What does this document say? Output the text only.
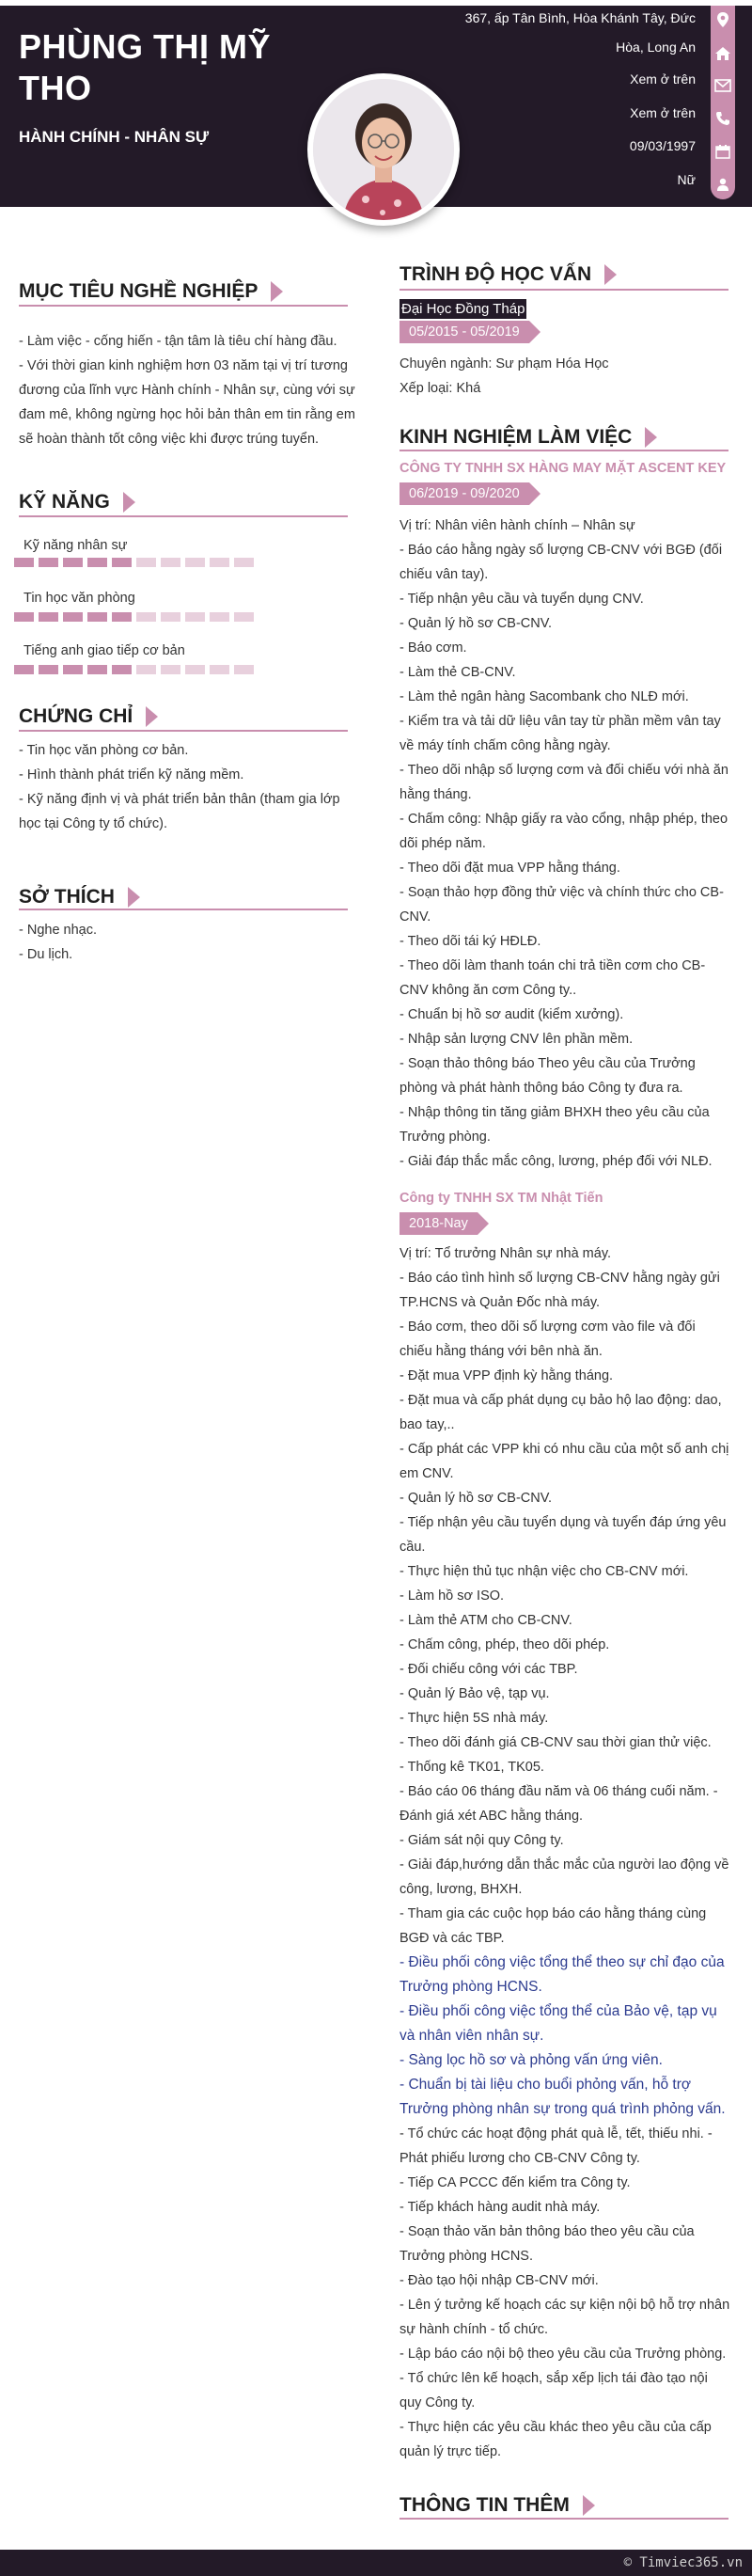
PHÙNG THỊ MỸ THO
HÀNH CHÍNH - NHÂN SỰ
367, ấp Tân Bình, Hòa Khánh Tây, Đức
Hòa, Long An
Xem ở trên
Xem ở trên
09/03/1997
Nữ
MỤC TIÊU NGHỀ NGHIỆP

- Làm việc - cống hiến - tận tâm là tiêu chí hàng đầu.

- Với thời gian kinh nghiệm hơn 03 năm tại vị trí tương đương của lĩnh vực Hành chính - Nhân sự, cùng với sự đam mê, không ngừng học hỏi bản thân em tin rằng em sẽ hoàn thành tốt công việc khi được trúng tuyển.

KỸ NĂNG
Kỹ năng nhân sự
Tin học văn phòng
Tiếng anh giao tiếp cơ bản
CHỨNG CHỈ

- Tin học văn phòng cơ bản.

- Hình thành phát triển kỹ năng mềm.

- Kỹ năng định vị và phát triển bản thân (tham gia lớp học tại Công ty tổ chức).

SỞ THÍCH

- Nghe nhạc.

- Du lịch.

TRÌNH ĐỘ HỌC VẤN
Đại Học Đồng Tháp
05/2015 - 05/2019

Chuyên ngành: Sư phạm Hóa Học

Xếp loại: Khá

KINH NGHIỆM LÀM VIỆC
CÔNG TY TNHH SX HÀNG MAY MẶT ASCENT KEY
06/2019 - 09/2020

Vị trí: Nhân viên hành chính – Nhân sự

- Báo cáo hằng ngày số lượng CB-CNV với BGĐ (đối chiếu vân tay).

- Tiếp nhận yêu cầu và tuyển dụng CNV.

- Quản lý hồ sơ CB-CNV.

- Báo cơm.

- Làm thẻ CB-CNV.

- Làm thẻ ngân hàng Sacombank cho NLĐ mới.

- Kiểm tra và tải dữ liệu vân tay từ phần mềm vân tay về máy tính chấm công hằng ngày.

- Theo dõi nhập số lượng cơm và đối chiếu với nhà ăn hằng tháng.

- Chấm công: Nhập giấy ra vào cổng, nhập phép, theo dõi phép năm.

- Theo dõi đặt mua VPP hằng tháng.

- Soạn thảo hợp đồng thử việc và chính thức cho CB-CNV.

- Theo dõi tái ký HĐLĐ.

- Theo dõi làm thanh toán chi trả tiền cơm cho CB-CNV không ăn cơm Công ty..

- Chuẩn bị hồ sơ audit (kiểm xưởng).

- Nhập sản lượng CNV lên phần mềm.

- Soạn thảo thông báo Theo yêu cầu của Trưởng phòng và phát hành thông báo Công ty đưa ra.

- Nhập thông tin tăng giảm BHXH theo yêu cầu của Trưởng phòng.

- Giải đáp thắc mắc công, lương, phép đối với NLĐ.

Công ty TNHH SX TM Nhật Tiến
2018-Nay

Vị trí: Tổ trưởng Nhân sự nhà máy.

- Báo cáo tình hình số lượng CB-CNV hằng ngày gửi TP.HCNS và Quản Đốc nhà máy.

- Báo cơm, theo dõi số lượng cơm vào file và đối chiếu hằng tháng với bên nhà ăn.

- Đặt mua VPP định kỳ hằng tháng.

- Đặt mua và cấp phát dụng cụ bảo hộ lao động: dao, bao tay,..

- Cấp phát các VPP khi có nhu cầu của một số anh chị em CNV.

- Quản lý hồ sơ CB-CNV.

- Tiếp nhận yêu cầu tuyển dụng và tuyển đáp ứng yêu cầu.

- Thực hiện thủ tục nhận việc cho CB-CNV mới.

- Làm hồ sơ ISO.

- Làm thẻ ATM cho CB-CNV.

- Chấm công, phép, theo dõi phép.

- Đối chiếu công với các TBP.

- Quản lý Bảo vệ, tạp vụ.

- Thực hiện 5S nhà máy.

- Theo dõi đánh giá CB-CNV sau thời gian thử việc.

- Thống kê TK01, TK05.

- Báo cáo 06 tháng đầu năm và 06 tháng cuối năm. - Đánh giá xét ABC hằng tháng.

- Giám sát nội quy Công ty.

- Giải đáp,hướng dẫn thắc mắc của người lao động về công, lương, BHXH.

- Tham gia các cuộc họp báo cáo hằng tháng cùng BGĐ và các TBP.

- Điều phối công việc tổng thể theo sự chỉ đạo của Trưởng phòng HCNS.

- Điều phối công việc tổng thể của Bảo vệ, tạp vụ và nhân viên nhân sự.

- Sàng lọc hồ sơ và phỏng vấn ứng viên.

- Chuẩn bị tài liệu cho buổi phỏng vấn, hỗ trợ Trưởng phòng nhân sự trong quá trình phỏng vấn.

- Tổ chức các hoạt động phát quà lễ, tết, thiếu nhi. - Phát phiếu lương cho CB-CNV Công ty.

- Tiếp CA PCCC đến kiểm tra Công ty.

- Tiếp khách hàng audit nhà máy.

- Soạn thảo văn bản thông báo theo yêu cầu của Trưởng phòng HCNS.

- Đào tạo hội nhập CB-CNV mới.

- Lên ý tưởng kế hoạch các sự kiện nội bộ hỗ trợ nhân sự hành chính - tổ chức.

- Lập báo cáo nội bộ theo yêu cầu của Trưởng phòng.

- Tổ chức lên kế hoạch, sắp xếp lịch tái đào tạo nội quy Công ty.

- Thực hiện các yêu cầu khác theo yêu cầu của cấp quản lý trực tiếp.

THÔNG TIN THÊM
© Timviec365.vn
